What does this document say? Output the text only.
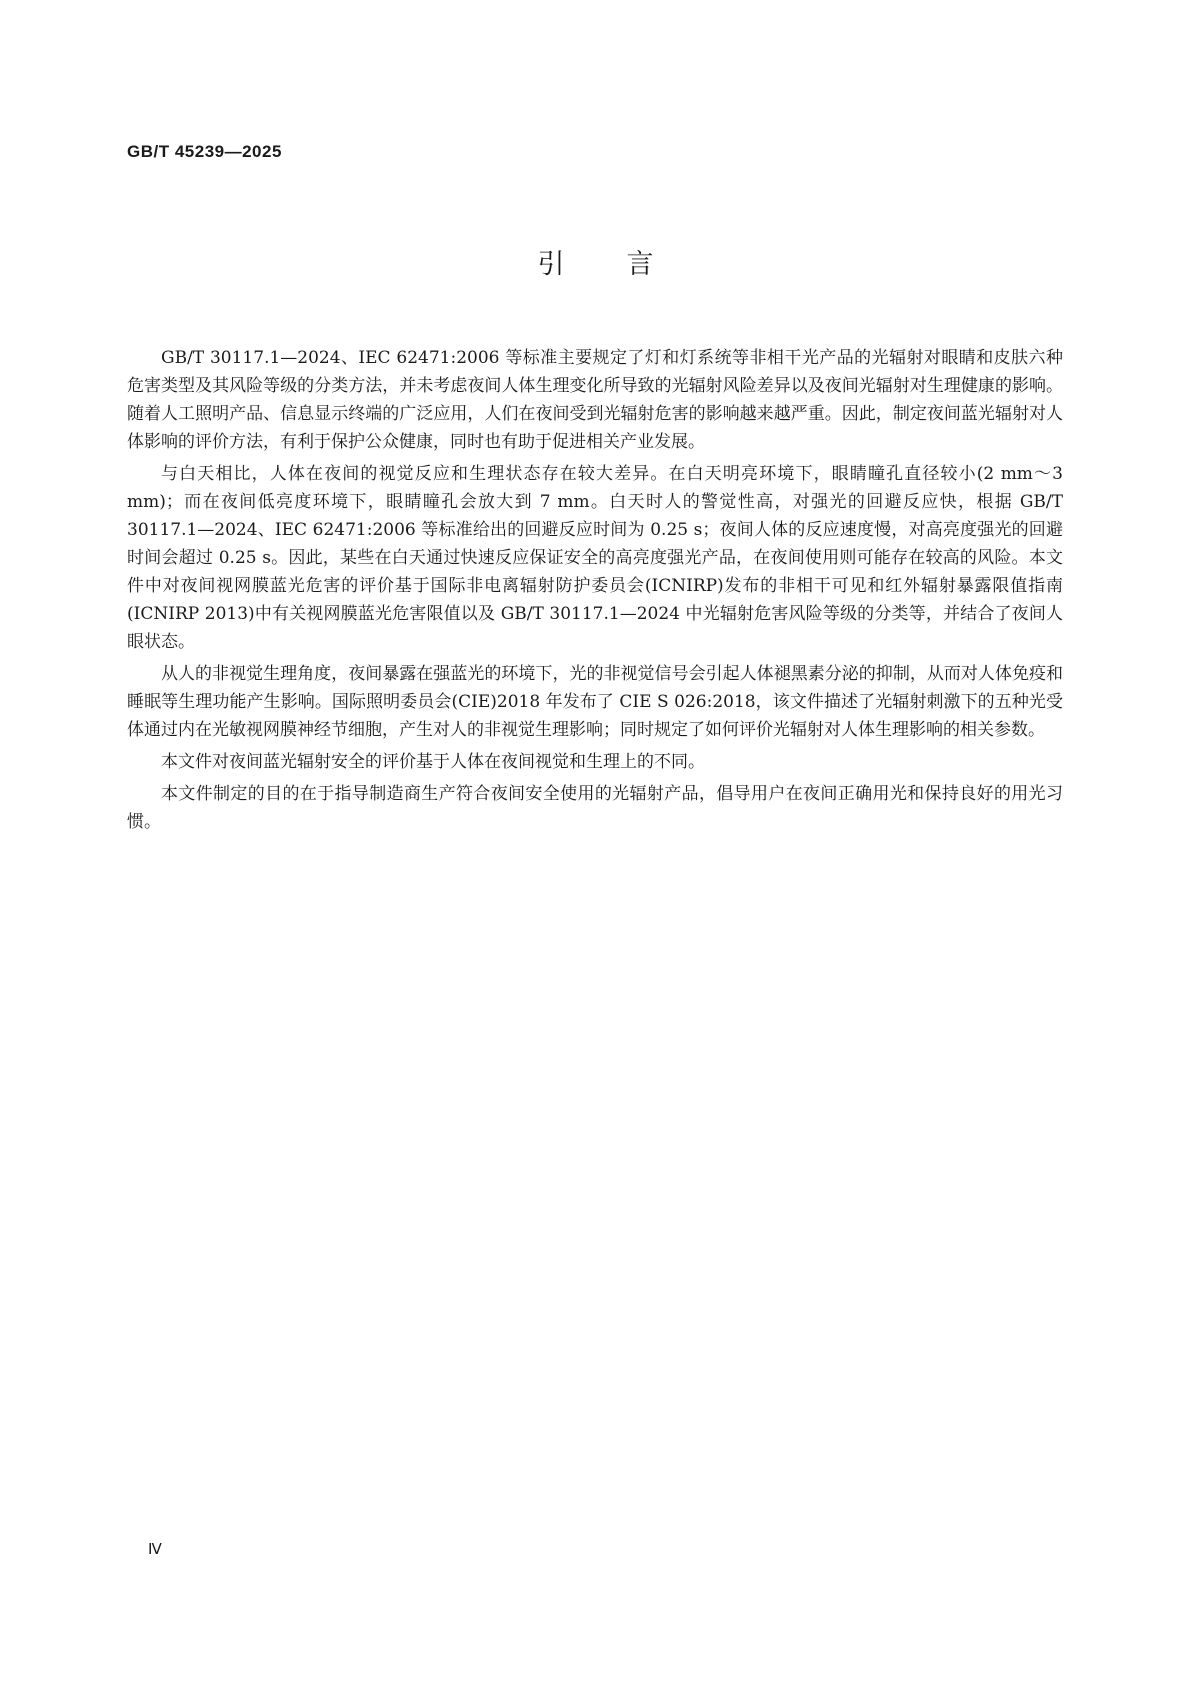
GB/T 45239—2025
引言

GB/T 30117.1—2024、IEC 62471:2006 等标准主要规定了灯和灯系统等非相干光产品的光辐射对眼睛和皮肤六种危害类型及其风险等级的分类方法，并未考虑夜间人体生理变化所导致的光辐射风险差异以及夜间光辐射对生理健康的影响。随着人工照明产品、信息显示终端的广泛应用，人们在夜间受到光辐射危害的影响越来越严重。因此，制定夜间蓝光辐射对人体影响的评价方法，有利于保护公众健康，同时也有助于促进相关产业发展。

与白天相比，人体在夜间的视觉反应和生理状态存在较大差异。在白天明亮环境下，眼睛瞳孔直径较小(2 mm～3 mm)；而在夜间低亮度环境下，眼睛瞳孔会放大到 7 mm。白天时人的警觉性高，对强光的回避反应快，根据 GB/T 30117.1—2024、IEC 62471:2006 等标准给出的回避反应时间为 0.25 s；夜间人体的反应速度慢，对高亮度强光的回避时间会超过 0.25 s。因此，某些在白天通过快速反应保证安全的高亮度强光产品，在夜间使用则可能存在较高的风险。本文件中对夜间视网膜蓝光危害的评价基于国际非电离辐射防护委员会(ICNIRP)发布的非相干可见和红外辐射暴露限值指南(ICNIRP 2013)中有关视网膜蓝光危害限值以及 GB/T 30117.1—2024 中光辐射危害风险等级的分类等，并结合了夜间人眼状态。

从人的非视觉生理角度，夜间暴露在强蓝光的环境下，光的非视觉信号会引起人体褪黑素分泌的抑制，从而对人体免疫和睡眠等生理功能产生影响。国际照明委员会(CIE)2018 年发布了 CIE S 026:2018，该文件描述了光辐射刺激下的五种光受体通过内在光敏视网膜神经节细胞，产生对人的非视觉生理影响；同时规定了如何评价光辐射对人体生理影响的相关参数。

本文件对夜间蓝光辐射安全的评价基于人体在夜间视觉和生理上的不同。

本文件制定的目的在于指导制造商生产符合夜间安全使用的光辐射产品，倡导用户在夜间正确用光和保持良好的用光习惯。

Ⅳ
